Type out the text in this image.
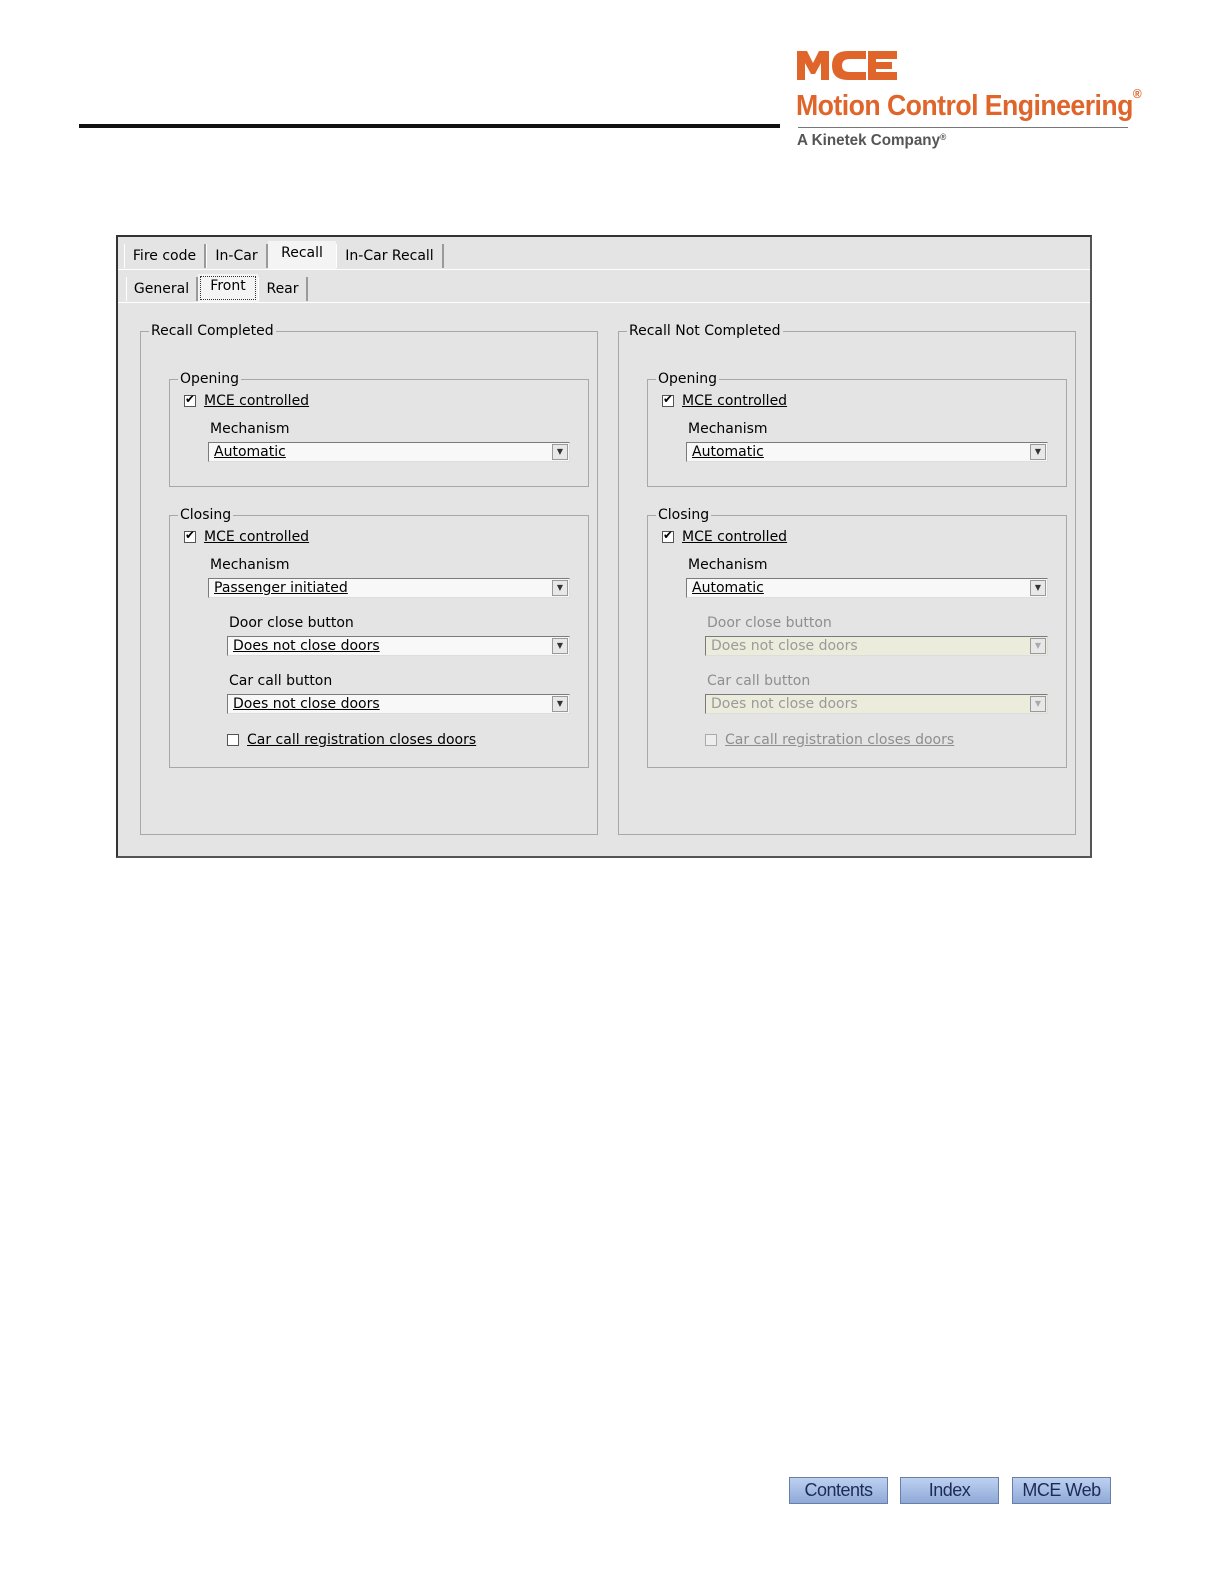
Motion Control Engineering®
A Kinetek Company®
Fire code	In-Car	Recall	In-Car Recall
General	Front	Rear
Recall Completed
Opening
✔
MCE controlled
Mechanism
Automatic	▼
Closing
✔
MCE controlled
Mechanism
Passenger initiated	▼
Door close button
Does not close doors	▼
Car call button
Does not close doors	▼
Car call registration closes doors
Recall Not Completed
Opening
✔
MCE controlled
Mechanism
Automatic	▼
Closing
✔
MCE controlled
Mechanism
Automatic	▼
Door close button
Does not close doors	▼
Car call button
Does not close doors	▼
Car call registration closes doors
Contents	Index	MCE Web
